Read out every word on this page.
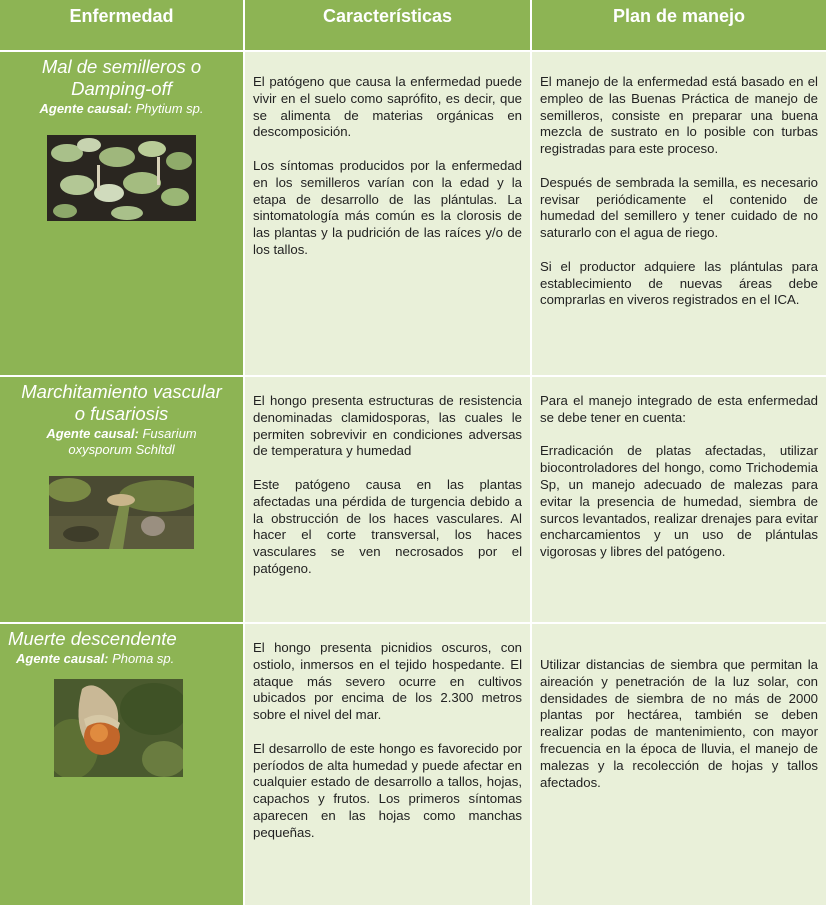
Enfermedad	Características	Plan de manejo
Mal de semilleros o
Damping-off
Agente causal: Phytium sp.

El patógeno que causa la enfermedad puede vivir en el suelo como saprófito, es decir, que se alimenta de materias orgánicas en descomposición.

Los síntomas producidos por la enfermedad en los semilleros varían con la edad y la etapa de desarrollo de las plántulas. La sintomatología más común es la clorosis de las plantas y la pudrición de las raíces y/o de los tallos.

El manejo de la enfermedad está basado en el empleo de las Buenas Práctica de manejo de semilleros, consiste en preparar una buena mezcla de sustrato en lo posible con turbas registradas para este proceso.

Después de sembrada la semilla, es necesario revisar periódicamente el contenido de humedad del semillero y tener cuidado de no saturarlo con el agua de riego.

Si el productor adquiere las plántulas para establecimiento de nuevas áreas debe comprarlas en viveros registrados en el ICA.

Marchitamiento vascular
o fusariosis
Agente causal: Fusarium
oxysporum Schltdl

El hongo presenta estructuras de resistencia denominadas clamidosporas, las cuales le permiten sobrevivir en condiciones adversas de temperatura y humedad

Este patógeno causa en las plantas afectadas una pérdida de turgencia debido a la obstrucción de los haces vasculares. Al hacer el corte transversal, los haces vasculares se ven necrosados por el patógeno.

Para el manejo integrado de esta enfermedad se debe tener en cuenta:

Erradicación de platas afectadas, utilizar biocontroladores del hongo, como Trichodemia Sp, un manejo adecuado de malezas para evitar la presencia de humedad, siembra de surcos levantados, realizar drenajes para evitar encharcamientos y un uso de plántulas vigorosas y libres del patógeno.

Muerte descendente
Agente causal: Phoma sp.

El hongo presenta picnidios oscuros, con ostiolo, inmersos en el tejido hospedante. El ataque más severo ocurre en cultivos ubicados por encima de los 2.300 metros sobre el nivel del mar.

El desarrollo de este hongo es favorecido por períodos de alta humedad y puede afectar en cualquier estado de desarrollo a tallos, hojas, capachos y frutos. Los primeros síntomas aparecen en las hojas como manchas pequeñas.

Utilizar distancias de siembra que permitan la aireación y penetración de la luz solar, con densidades de siembra de no más de 2000 plantas por hectárea, también se deben realizar podas de mantenimiento, con mayor frecuencia en la época de lluvia, el manejo de malezas y la recolección de hojas y tallos afectados.
